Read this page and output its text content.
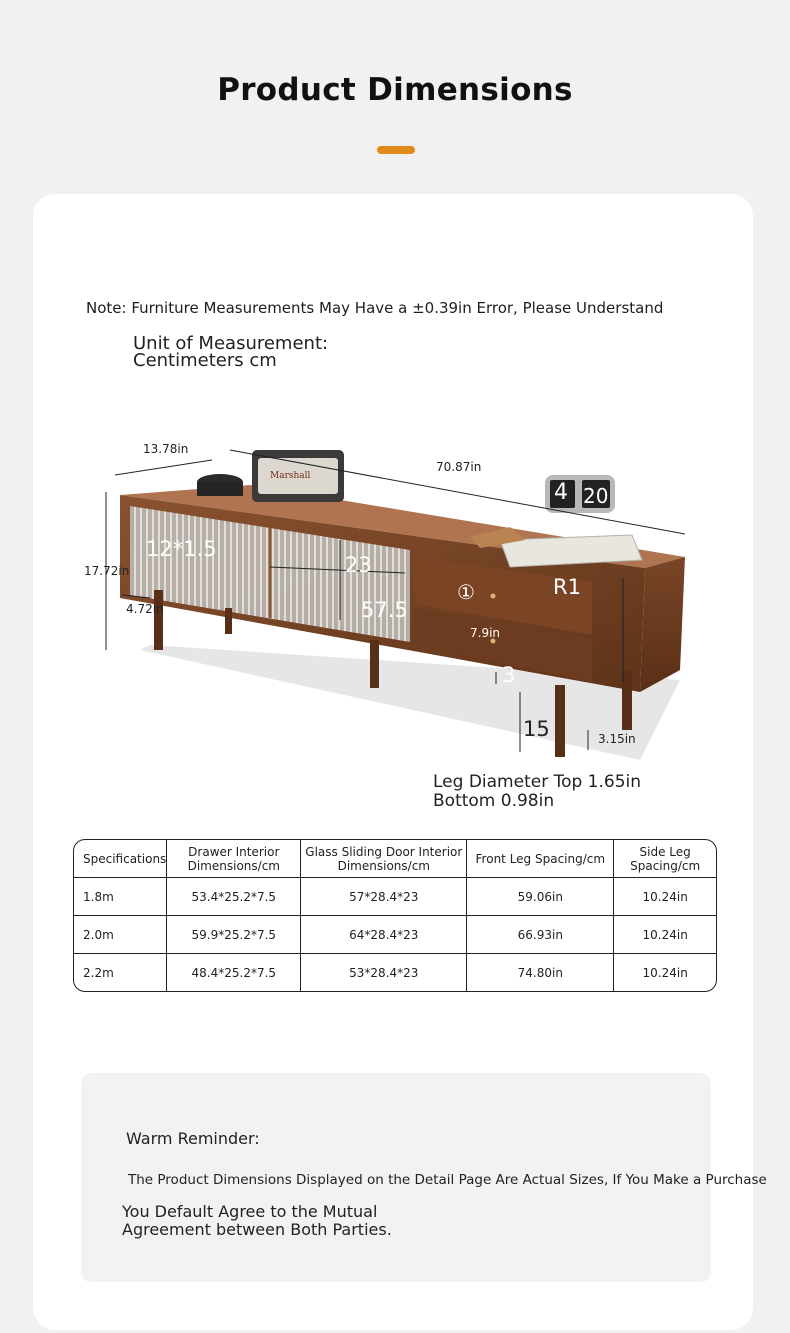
Product Dimensions
Note: Furniture Measurements May Have a ±0.39in Error, Please Understand
Unit of Measurement:
Centimeters cm
Marshall
13.78in
70.87in
17.72in
4.72in
12*1.5
23
57.5
①
7.9in
R1
3
15	3.15in
4 20
Leg Diameter Top 1.65in
Bottom 0.98in
Specifications	Drawer Interior Dimensions/cm	Glass Sliding Door Interior Dimensions/cm	Front Leg Spacing/cm	Side Leg Spacing/cm
1.8m	53.4*25.2*7.5	57*28.4*23	59.06in	10.24in
2.0m	59.9*25.2*7.5	64*28.4*23	66.93in	10.24in
2.2m	48.4*25.2*7.5	53*28.4*23	74.80in	10.24in
Warm Reminder:
The Product Dimensions Displayed on the Detail Page Are Actual Sizes, If You Make a Purchase
You Default Agree to the Mutual
Agreement between Both Parties.
